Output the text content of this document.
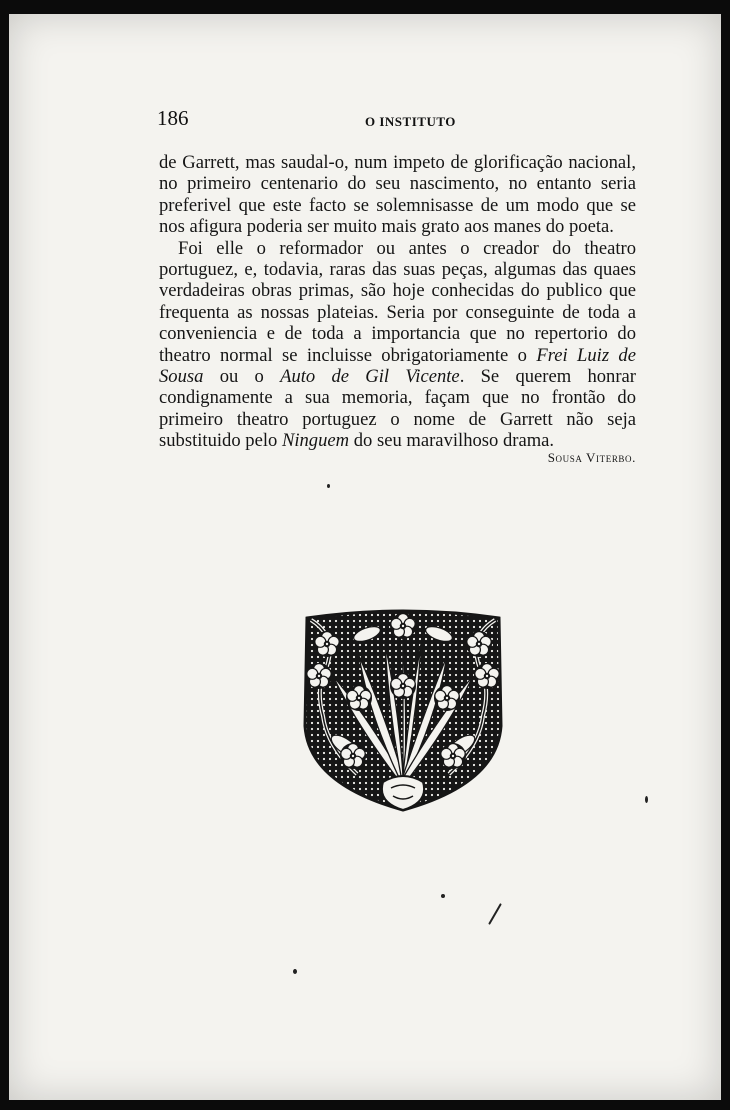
186	O INSTITUTO

de Garrett, mas saudal-o, num impeto de glorificação nacional, no primeiro centenario do seu nascimento, no entanto seria preferivel que este facto se solemnisasse de um modo que se nos afigura poderia ser muito mais grato aos manes do poeta.

Foi elle o reformador ou antes o creador do theatro portuguez, e, todavia, raras das suas peças, algumas das quaes verdadeiras obras primas, são hoje conhecidas do publico que frequenta as nossas plateias. Seria por conseguinte de toda a conveniencia e de toda a importancia que no repertorio do theatro normal se incluisse obrigatoriamente o Frei Luiz de Sousa ou o Auto de Gil Vicente. Se querem honrar condignamente a sua memoria, façam que no frontão do primeiro theatro portuguez o nome de Garrett não seja substituido pelo Ninguem do seu maravilhoso drama.

Sousa Viterbo.
